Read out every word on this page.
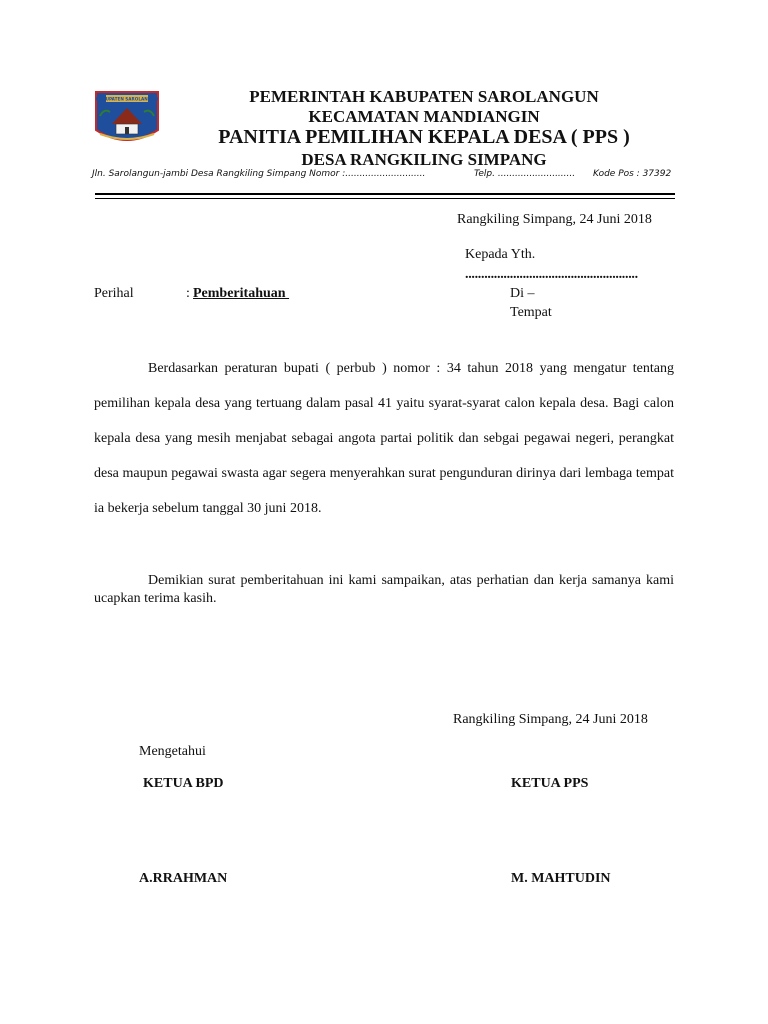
KABUPATEN SAROLANGUN	PEMERINTAH KABUPATEN SAROLANGUN
KECAMATAN MANDIANGIN
PANITIA PEMILIHAN KEPALA DESA ( PPS )
DESA RANGKILING SIMPANG
Jln. Sarolangun-jambi Desa Rangkiling Simpang Nomor :............................	Telp. ........................... Kode Pos : 37392
Rangkiling Simpang, 24 Juni 2018
Kepada Yth.
......................................................
Di –
Tempat
Perihal	: Pemberitahuan

Berdasarkan peraturan bupati ( perbub ) nomor : 34 tahun 2018 yang mengatur tentang pemilihan kepala desa yang tertuang dalam pasal 41 yaitu syarat-syarat calon kepala desa. Bagi calon kepala desa yang mesih menjabat sebagai angota partai politik dan sebgai pegawai negeri, perangkat desa maupun pegawai swasta agar segera menyerahkan surat pengunduran dirinya dari lembaga tempat ia bekerja sebelum tanggal 30 juni 2018.

Demikian surat pemberitahuan ini kami sampaikan, atas perhatian dan kerja samanya kami ucapkan terima kasih.

Rangkiling Simpang, 24 Juni 2018
Mengetahui
KETUA BPD	KETUA PPS
A.RRAHMAN	M. MAHTUDIN
